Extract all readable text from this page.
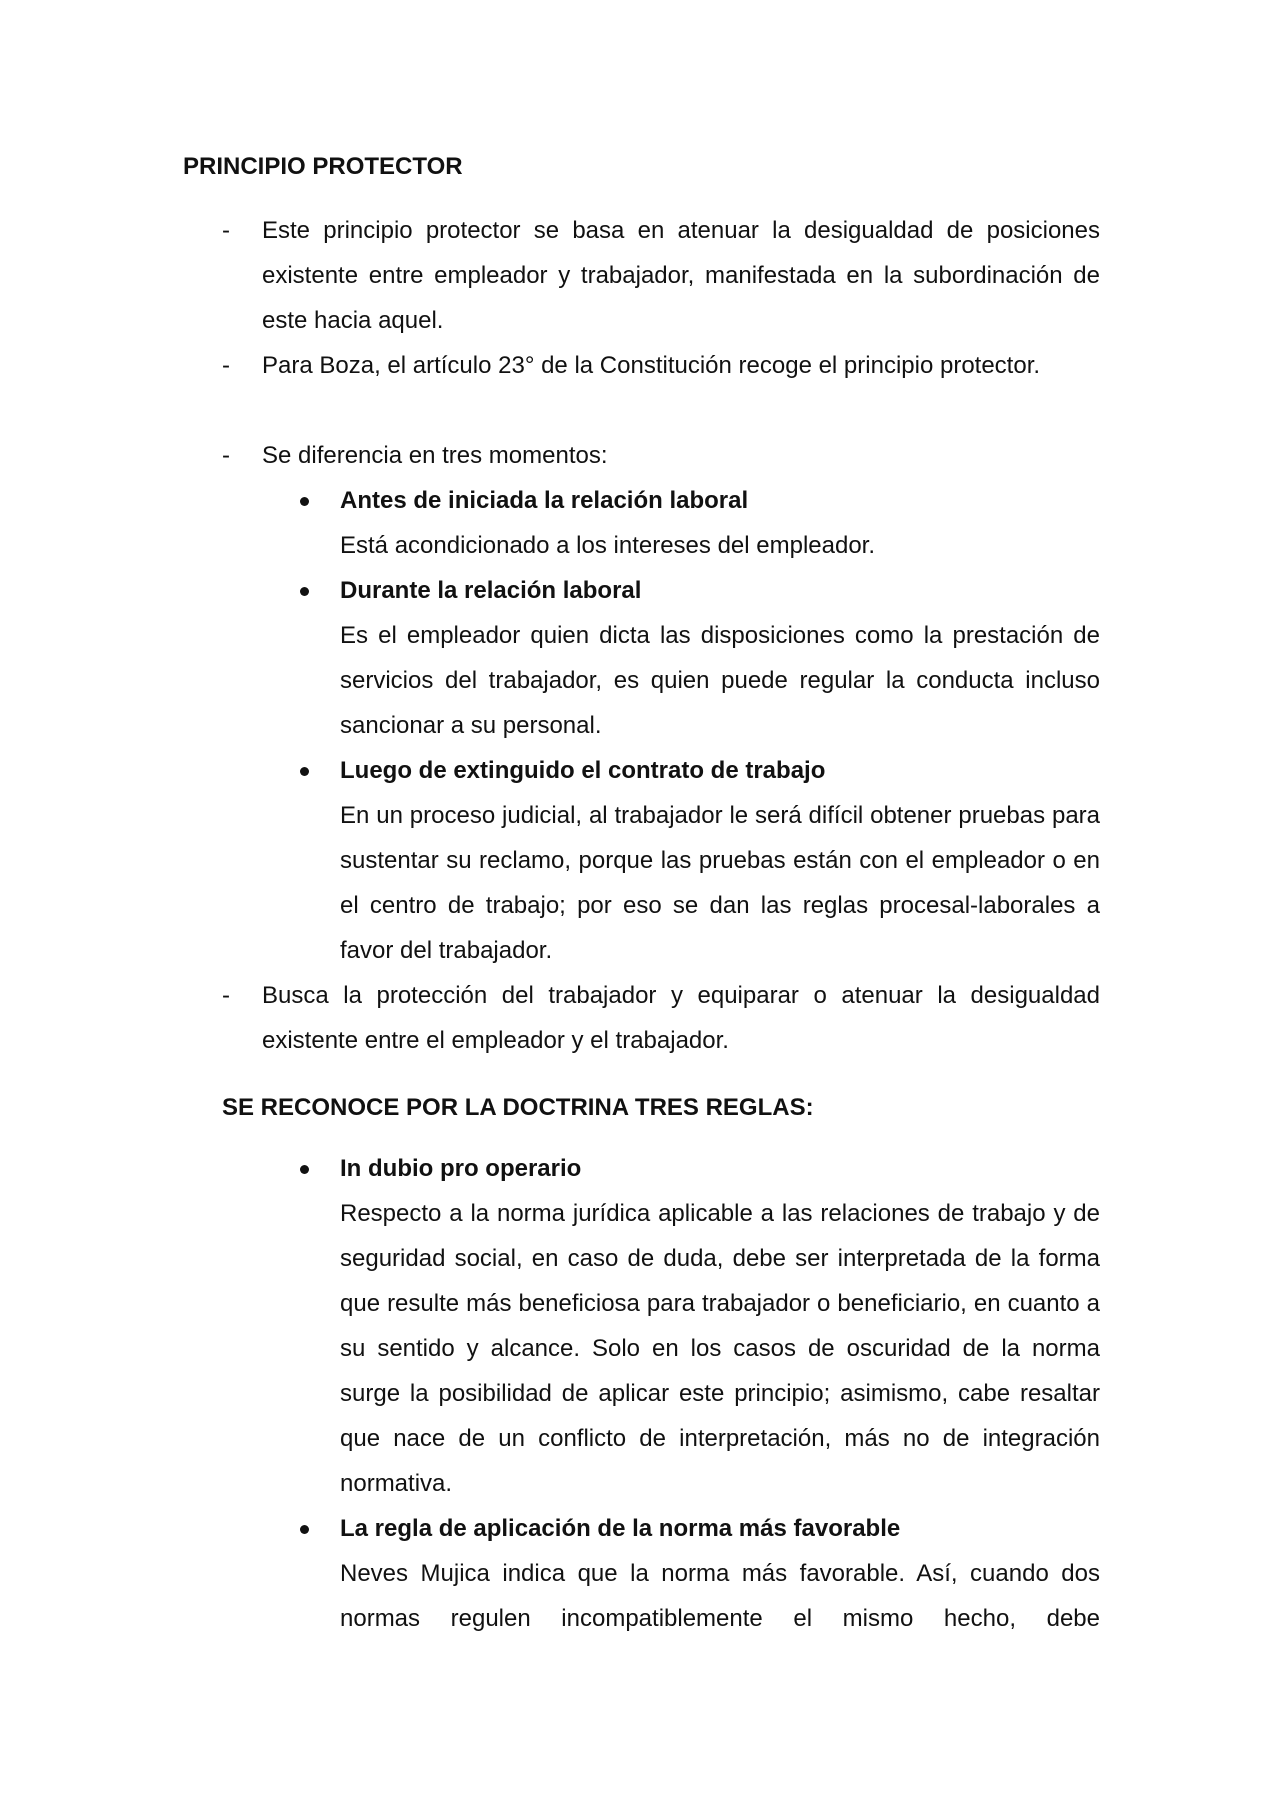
PRINCIPIO PROTECTOR
-	Este principio protector se basa en atenuar la desigualdad de posiciones existente entre empleador y trabajador, manifestada en la subordinación de este hacia aquel.
-	Para Boza, el artículo 23° de la Constitución recoge el principio protector.
-	Se diferencia en tres momentos:
Antes de iniciada la relación laboral
Está acondicionado a los intereses del empleador.
Durante la relación laboral
Es el empleador quien dicta las disposiciones como la prestación de servicios del trabajador, es quien puede regular la conducta incluso sancionar a su personal.
Luego de extinguido el contrato de trabajo
En un proceso judicial, al trabajador le será difícil obtener pruebas para sustentar su reclamo, porque las pruebas están con el empleador o en el centro de trabajo; por eso se dan las reglas procesal-laborales a favor del trabajador.
-	Busca la protección del trabajador y equiparar o atenuar la desigualdad existente entre el empleador y el trabajador.
SE RECONOCE POR LA DOCTRINA TRES REGLAS:
In dubio pro operario
Respecto a la norma jurídica aplicable a las relaciones de trabajo y de seguridad social, en caso de duda, debe ser interpretada de la forma que resulte más beneficiosa para trabajador o beneficiario, en cuanto a su sentido y alcance. Solo en los casos de oscuridad de la norma surge la posibilidad de aplicar este principio; asimismo, cabe resaltar que nace de un conflicto de interpretación, más no de integración normativa.
La regla de aplicación de la norma más favorable
Neves Mujica indica que la norma más favorable. Así, cuando dos normas regulen incompatiblemente el mismo hecho, debe
